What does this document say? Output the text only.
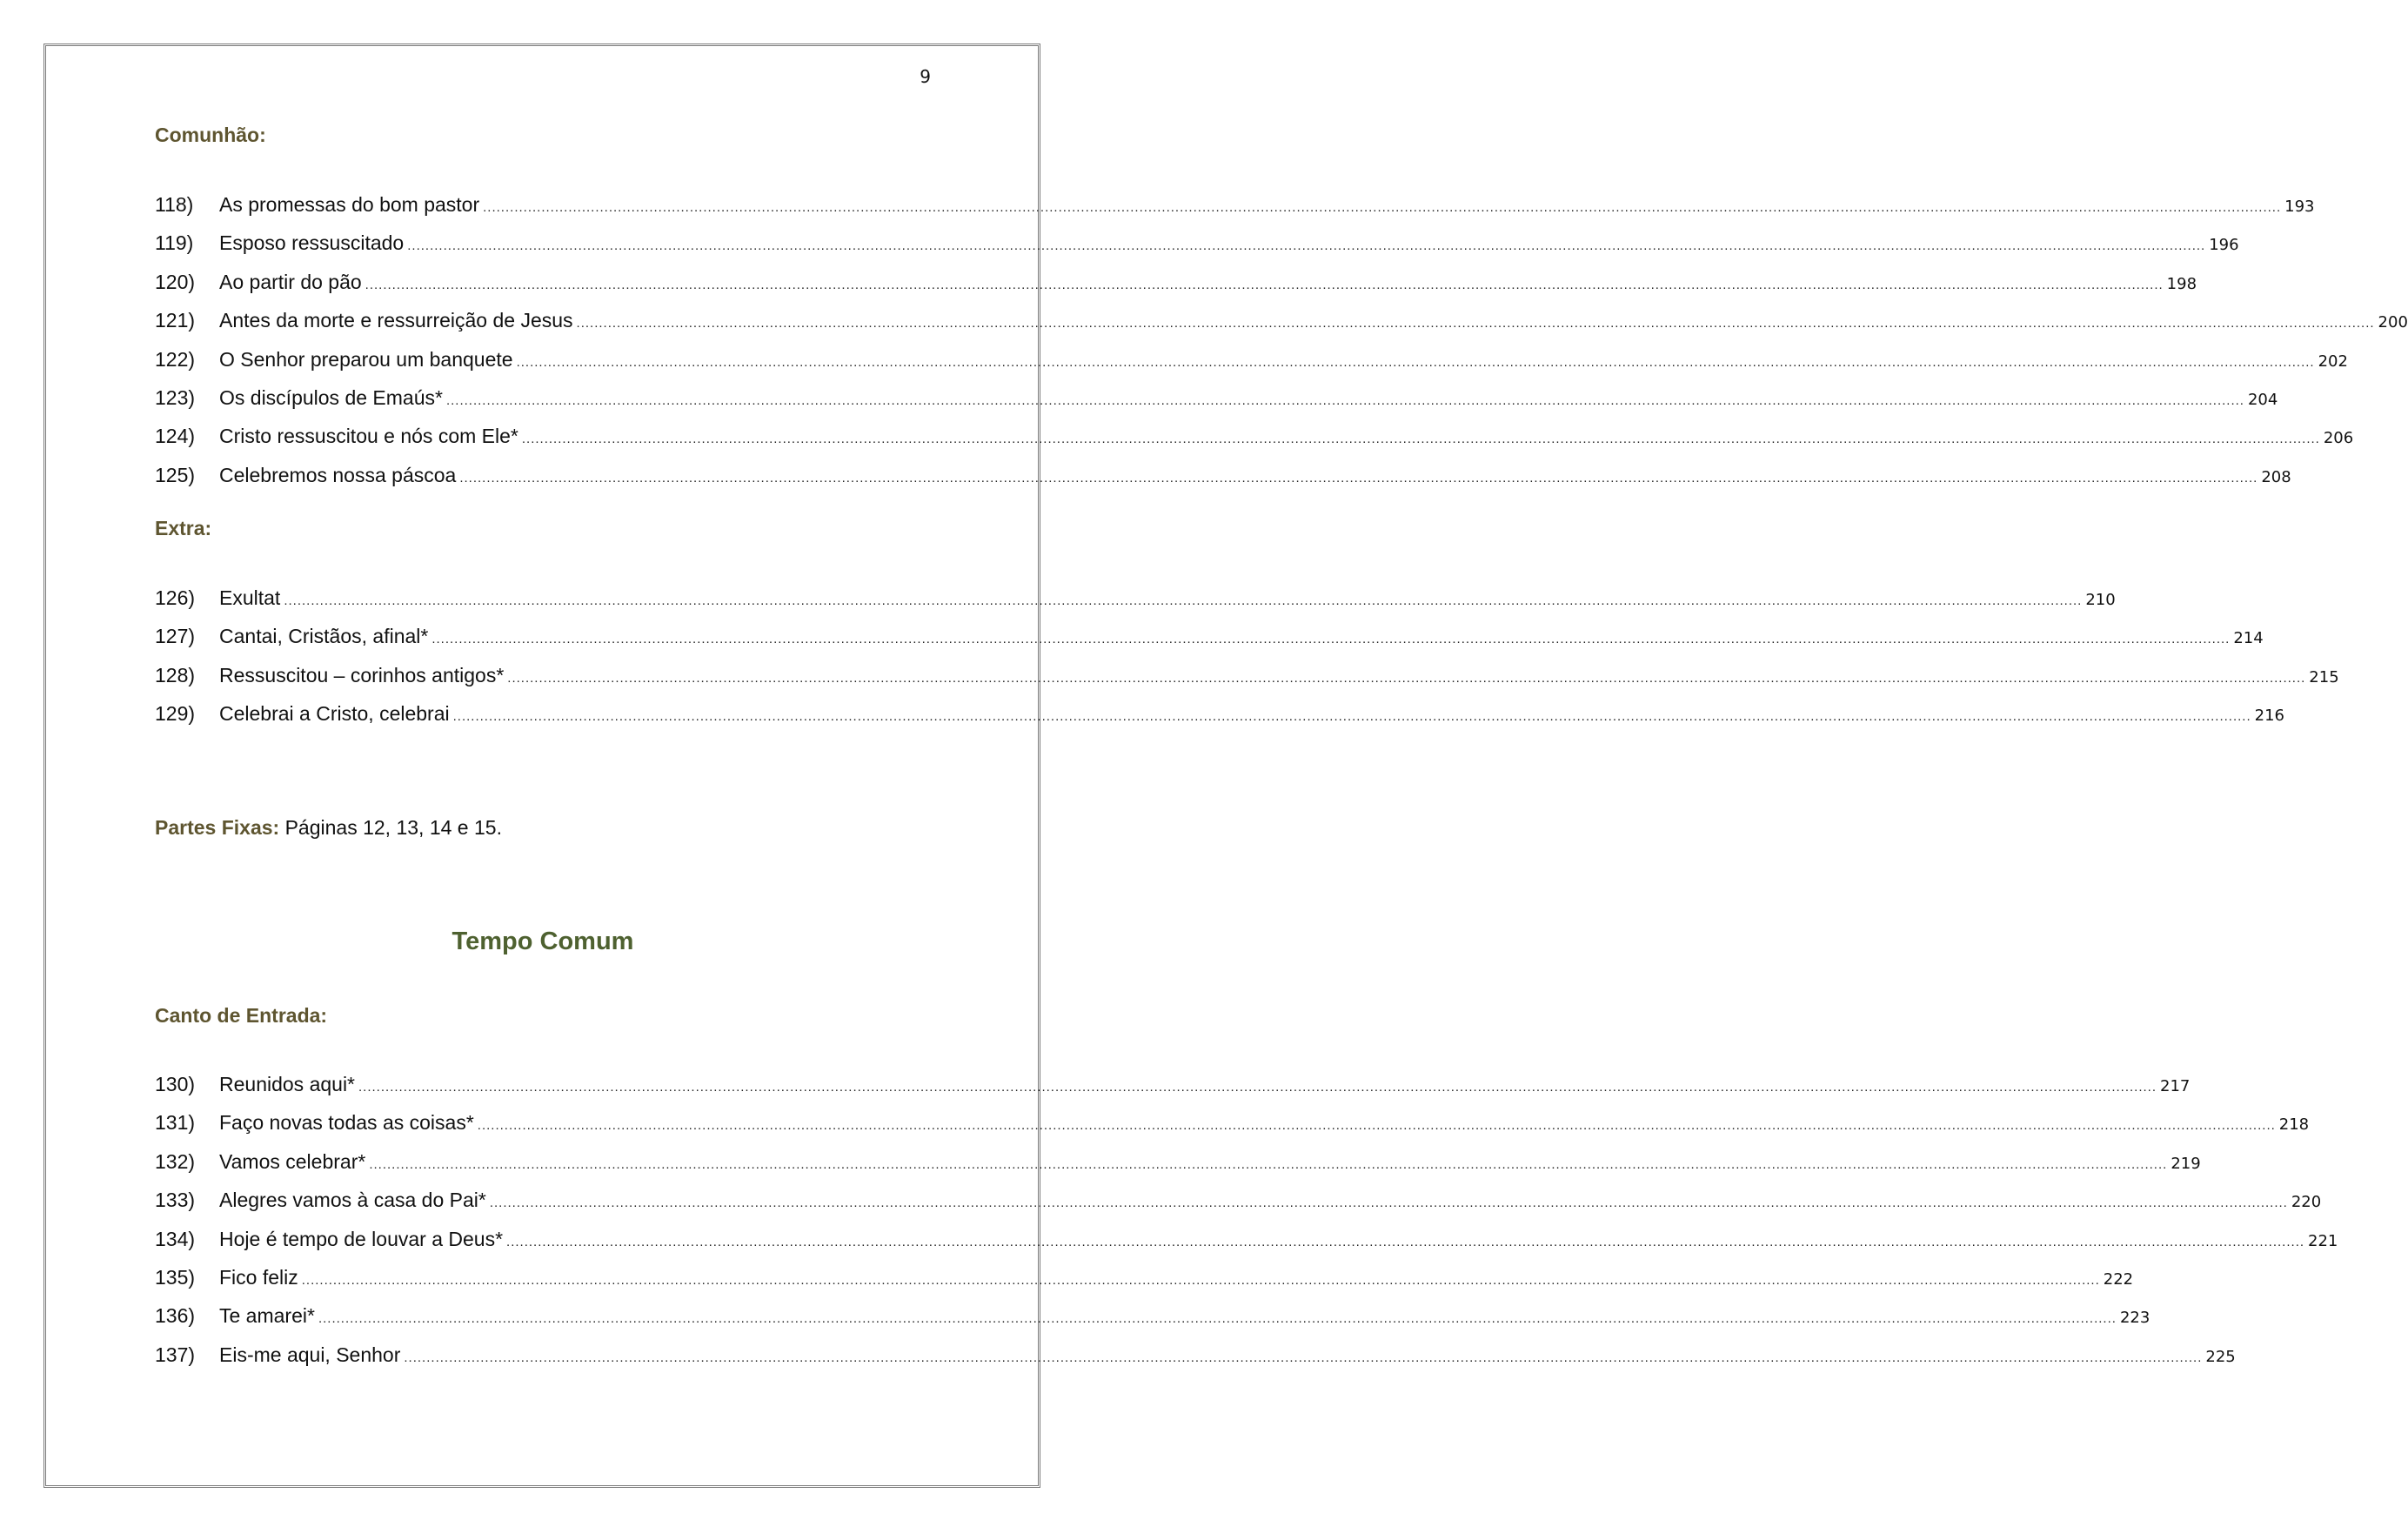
9
Comunhão:
118)	As promessas do bom pastor ................................................................................................................................................................................................................................................................................................................................................................................................................ 193
119)	Esposo ressuscitado ................................................................................................................................................................................................................................................................................................................................................................................................................ 196
120)	Ao partir do pão ................................................................................................................................................................................................................................................................................................................................................................................................................ 198
121)	Antes da morte e ressurreição de Jesus ................................................................................................................................................................................................................................................................................................................................................................................................................ 200
122)	O Senhor preparou um banquete ................................................................................................................................................................................................................................................................................................................................................................................................................ 202
123)	Os discípulos de Emaús* ................................................................................................................................................................................................................................................................................................................................................................................................................ 204
124)	Cristo ressuscitou e nós com Ele* ................................................................................................................................................................................................................................................................................................................................................................................................................ 206
125)	Celebremos nossa páscoa ................................................................................................................................................................................................................................................................................................................................................................................................................ 208
Extra:
126)	Exultat ................................................................................................................................................................................................................................................................................................................................................................................................................ 210
127)	Cantai, Cristãos, afinal* ................................................................................................................................................................................................................................................................................................................................................................................................................ 214
128)	Ressuscitou – corinhos antigos* ................................................................................................................................................................................................................................................................................................................................................................................................................ 215
129)	Celebrai a Cristo, celebrai ................................................................................................................................................................................................................................................................................................................................................................................................................ 216
Partes Fixas: Páginas 12, 13, 14 e 15.
Tempo Comum
Canto de Entrada:
130)	Reunidos aqui* ................................................................................................................................................................................................................................................................................................................................................................................................................ 217
131)	Faço novas todas as coisas* ................................................................................................................................................................................................................................................................................................................................................................................................................ 218
132)	Vamos celebrar* ................................................................................................................................................................................................................................................................................................................................................................................................................ 219
133)	Alegres vamos à casa do Pai* ................................................................................................................................................................................................................................................................................................................................................................................................................ 220
134)	Hoje é tempo de louvar a Deus* ................................................................................................................................................................................................................................................................................................................................................................................................................ 221
135)	Fico feliz ................................................................................................................................................................................................................................................................................................................................................................................................................ 222
136)	Te amarei* ................................................................................................................................................................................................................................................................................................................................................................................................................ 223
137)	Eis-me aqui, Senhor ................................................................................................................................................................................................................................................................................................................................................................................................................ 225
